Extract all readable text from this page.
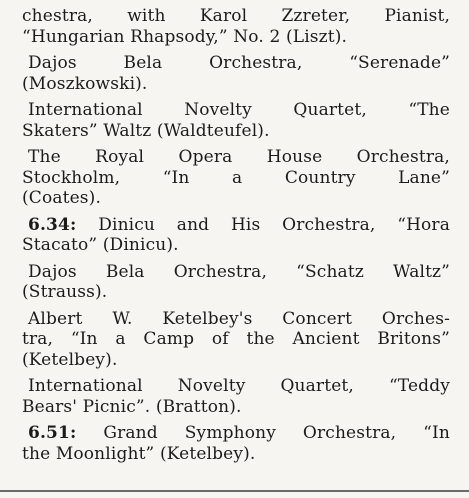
chestra, with Karol Zzreter, Pianist,
“Hungarian Rhapsody,” No. 2 (Liszt).
Dajos Bela Orchestra, “Serenade”
(Moszkowski).
International Novelty Quartet, “The
Skaters” Waltz (Waldteufel).
The Royal Opera House Orchestra,
Stockholm, “In a Country Lane”
(Coates).
6.34: Dinicu and His Orchestra, “Hora
Stacato” (Dinicu).
Dajos Bela Orchestra, “Schatz Waltz”
(Strauss).
Albert W. Ketelbey's Concert Orches-
tra, “In a Camp of the Ancient Britons”
(Ketelbey).
International Novelty Quartet, “Teddy
Bears' Picnic”. (Bratton).
6.51: Grand Symphony Orchestra, “In
the Moonlight” (Ketelbey).
